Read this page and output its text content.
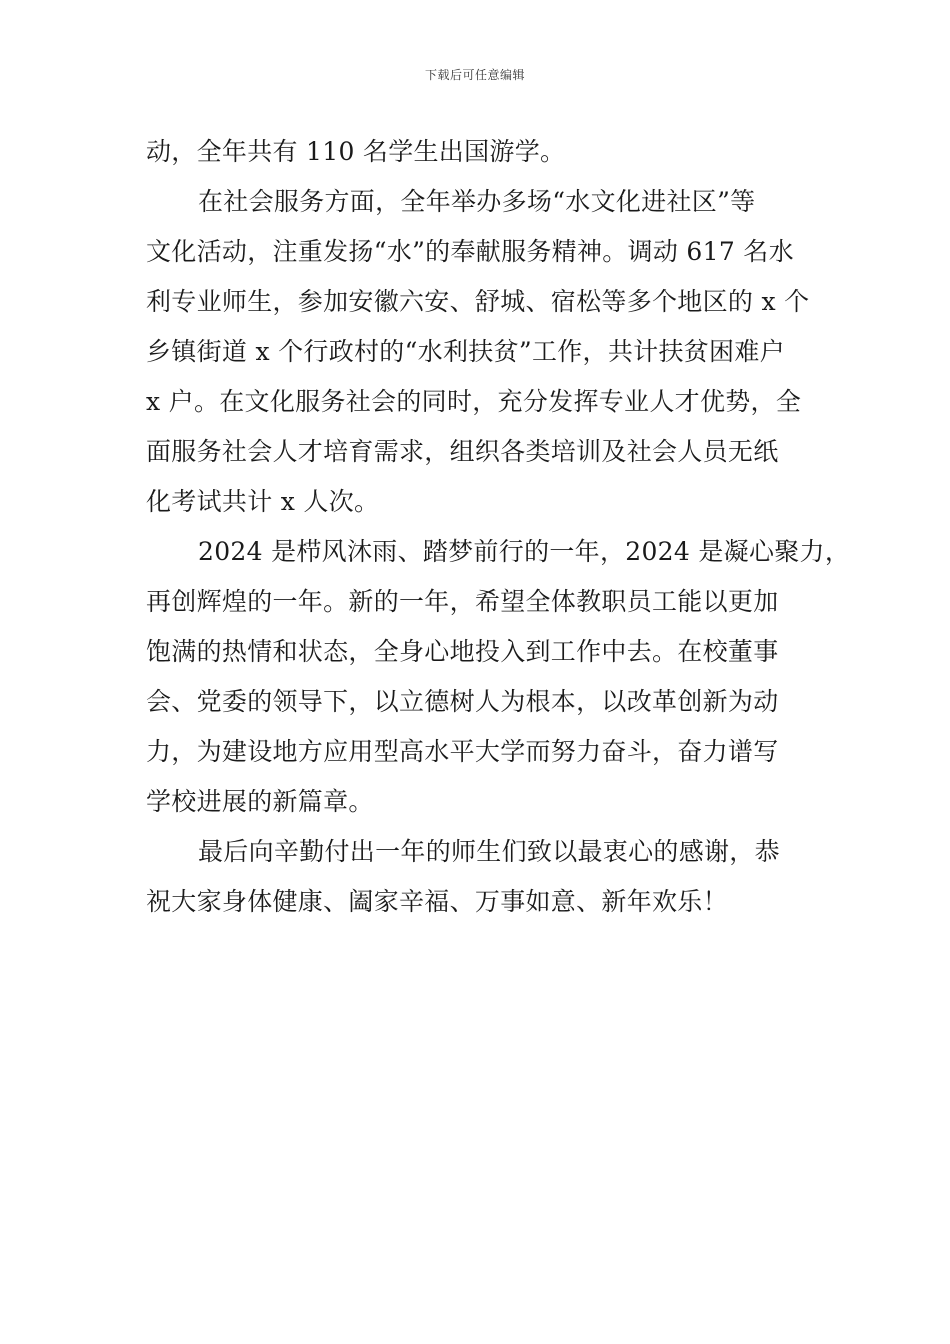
下载后可任意编辑
动，全年共有 110 名学生出国游学。
在社会服务方面，全年举办多场“水文化进社区”等
文化活动，注重发扬“水”的奉献服务精神。调动 617 名水
利专业师生，参加安徽六安、舒城、宿松等多个地区的 x 个
乡镇街道 x 个行政村的“水利扶贫”工作，共计扶贫困难户
x 户。在文化服务社会的同时，充分发挥专业人才优势，全
面服务社会人才培育需求，组织各类培训及社会人员无纸
化考试共计 x 人次。
2024 是栉风沐雨、踏梦前行的一年，2024 是凝心聚力，
再创辉煌的一年。新的一年，希望全体教职员工能以更加
饱满的热情和状态，全身心地投入到工作中去。在校董事
会、党委的领导下，以立德树人为根本，以改革创新为动
力，为建设地方应用型高水平大学而努力奋斗，奋力谱写
学校进展的新篇章。
最后向辛勤付出一年的师生们致以最衷心的感谢，恭
祝大家身体健康、阖家辛福、万事如意、新年欢乐！
